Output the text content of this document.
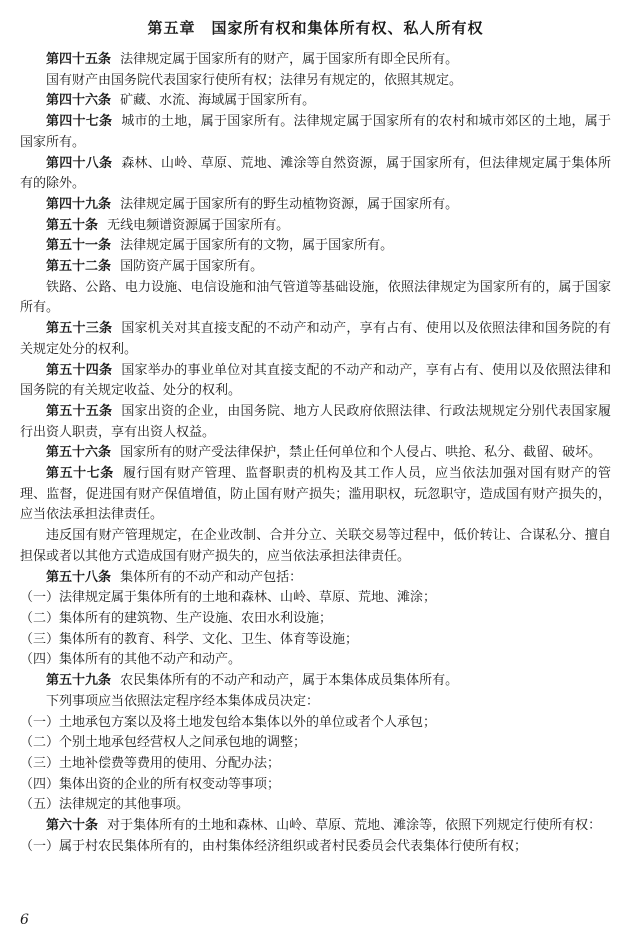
第五章　国家所有权和集体所有权、私人所有权

第四十五条 法律规定属于国家所有的财产，属于国家所有即全民所有。

国有财产由国务院代表国家行使所有权；法律另有规定的，依照其规定。

第四十六条 矿藏、水流、海域属于国家所有。

第四十七条 城市的土地，属于国家所有。法律规定属于国家所有的农村和城市郊区的土地，属于国家所有。

第四十八条 森林、山岭、草原、荒地、滩涂等自然资源，属于国家所有，但法律规定属于集体所有的除外。

第四十九条 法律规定属于国家所有的野生动植物资源，属于国家所有。

第五十条 无线电频谱资源属于国家所有。

第五十一条 法律规定属于国家所有的文物，属于国家所有。

第五十二条 国防资产属于国家所有。

铁路、公路、电力设施、电信设施和油气管道等基础设施，依照法律规定为国家所有的，属于国家所有。

第五十三条 国家机关对其直接支配的不动产和动产，享有占有、使用以及依照法律和国务院的有关规定处分的权利。

第五十四条 国家举办的事业单位对其直接支配的不动产和动产，享有占有、使用以及依照法律和国务院的有关规定收益、处分的权利。

第五十五条 国家出资的企业，由国务院、地方人民政府依照法律、行政法规规定分别代表国家履行出资人职责，享有出资人权益。

第五十六条 国家所有的财产受法律保护，禁止任何单位和个人侵占、哄抢、私分、截留、破坏。

第五十七条 履行国有财产管理、监督职责的机构及其工作人员，应当依法加强对国有财产的管理、监督，促进国有财产保值增值，防止国有财产损失；滥用职权，玩忽职守，造成国有财产损失的，应当依法承担法律责任。

违反国有财产管理规定，在企业改制、合并分立、关联交易等过程中，低价转让、合谋私分、擅自担保或者以其他方式造成国有财产损失的，应当依法承担法律责任。

第五十八条 集体所有的不动产和动产包括：

（一）法律规定属于集体所有的土地和森林、山岭、草原、荒地、滩涂；

（二）集体所有的建筑物、生产设施、农田水利设施；

（三）集体所有的教育、科学、文化、卫生、体育等设施；

（四）集体所有的其他不动产和动产。

第五十九条 农民集体所有的不动产和动产，属于本集体成员集体所有。

下列事项应当依照法定程序经本集体成员决定：

（一）土地承包方案以及将土地发包给本集体以外的单位或者个人承包；

（二）个别土地承包经营权人之间承包地的调整；

（三）土地补偿费等费用的使用、分配办法；

（四）集体出资的企业的所有权变动等事项；

（五）法律规定的其他事项。

第六十条 对于集体所有的土地和森林、山岭、草原、荒地、滩涂等，依照下列规定行使所有权：

（一）属于村农民集体所有的，由村集体经济组织或者村民委员会代表集体行使所有权；

6
